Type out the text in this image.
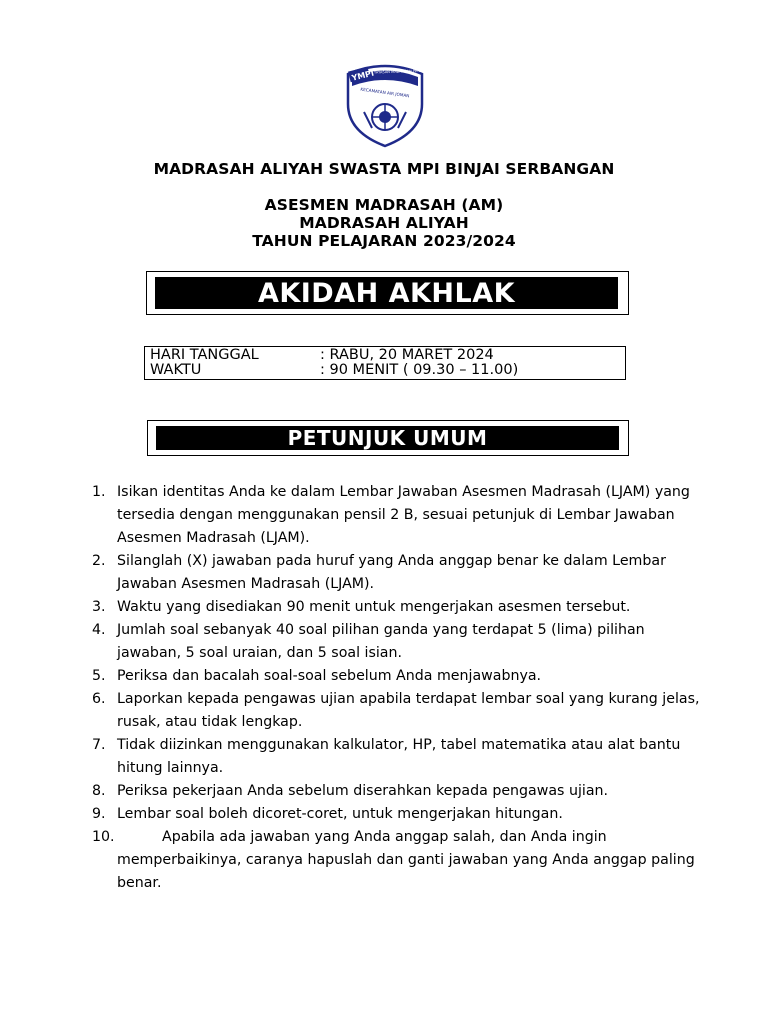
YMPI YAYASAN MADRASAH PENDIDIKAN ISLAM
KECAMATAN AIR JOMAN
MADRASAH ALIYAH SWASTA MPI BINJAI SERBANGAN
ASESMEN MADRASAH (AM)
MADRASAH ALIYAH
TAHUN PELAJARAN 2023/2024
AKIDAH AKHLAK
HARI TANGGAL	: RABU, 20 MARET 2024
WAKTU	: 90 MENIT ( 09.30 – 11.00)
PETUNJUK UMUM
1. Isikan identitas Anda ke dalam Lembar Jawaban Asesmen Madrasah (LJAM) yang tersedia dengan menggunakan pensil 2 B, sesuai petunjuk di Lembar Jawaban Asesmen Madrasah (LJAM).
2. Silanglah (X) jawaban pada huruf yang Anda anggap benar ke dalam Lembar Jawaban Asesmen Madrasah (LJAM).
3. Waktu yang disediakan 90 menit untuk mengerjakan asesmen tersebut.
4. Jumlah soal sebanyak 40 soal pilihan ganda yang terdapat 5 (lima) pilihan jawaban, 5 soal uraian, dan 5 soal isian.
5. Periksa dan bacalah soal-soal sebelum Anda menjawabnya.
6. Laporkan kepada pengawas ujian apabila terdapat lembar soal yang kurang jelas, rusak, atau tidak lengkap.
7. Tidak diizinkan menggunakan kalkulator, HP, tabel matematika atau alat bantu hitung lainnya.
8. Periksa pekerjaan Anda sebelum diserahkan kepada pengawas ujian.
9. Lembar soal boleh dicoret-coret, untuk mengerjakan hitungan.
10.	Apabila ada jawaban yang Anda anggap salah, dan Anda ingin memperbaikinya, caranya hapuslah dan ganti jawaban yang Anda anggap paling benar.
